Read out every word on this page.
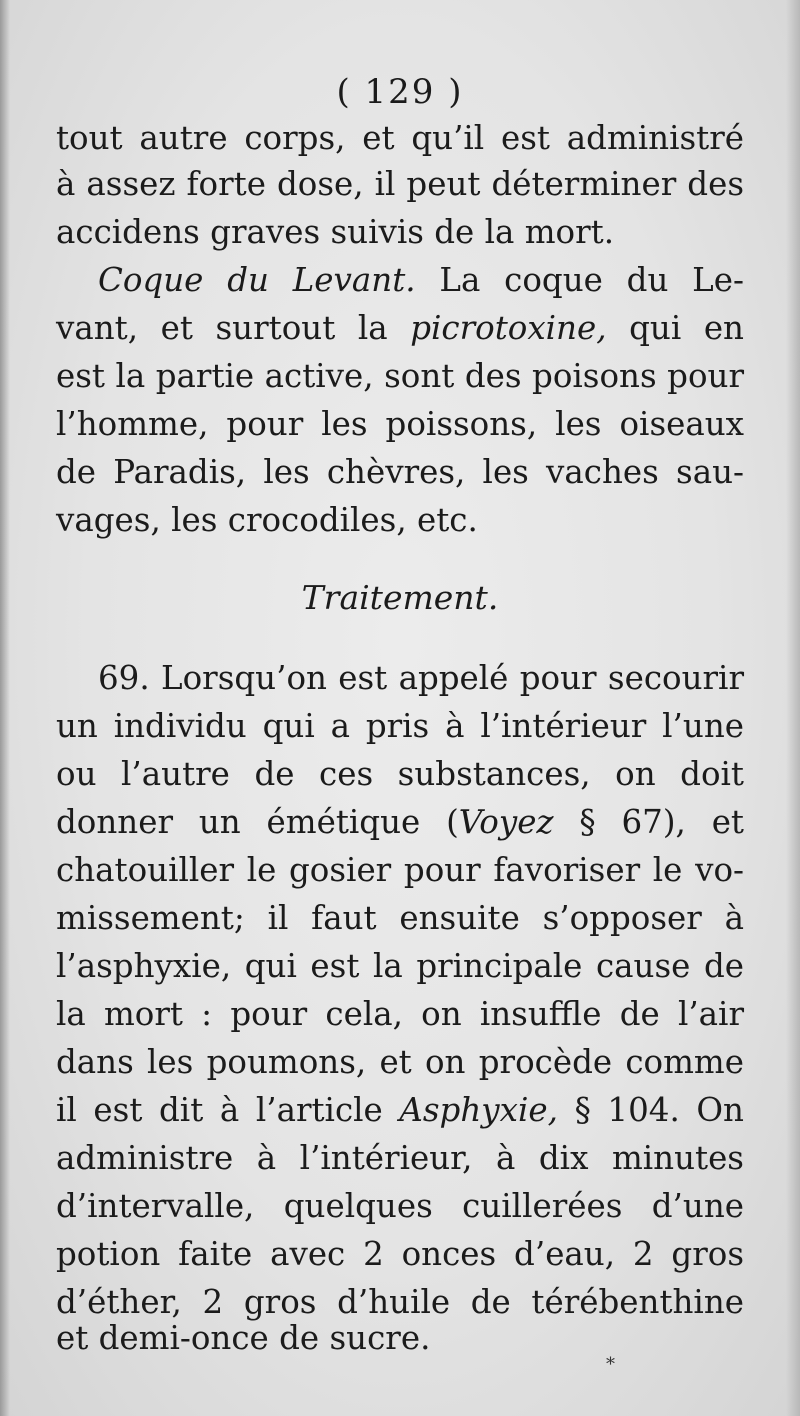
( 129 )
tout autre corps, et qu’il est administré
à assez forte dose, il peut déterminer des
accidens graves suivis de la mort.
Coque du Levant. La coque du Le-
vant, et surtout la picrotoxine, qui en
est la partie active, sont des poisons pour
l’homme, pour les poissons, les oiseaux
de Paradis, les chèvres, les vaches sau-
vages, les crocodiles, etc.
Traitement.
69. Lorsqu’on est appelé pour secourir
un individu qui a pris à l’intérieur l’une
ou l’autre de ces substances, on doit
donner un émétique (Voyez § 67), et
chatouiller le gosier pour favoriser le vo-
missement; il faut ensuite s’opposer à
l’asphyxie, qui est la principale cause de
la mort : pour cela, on insuffle de l’air
dans les poumons, et on procède comme
il est dit à l’article Asphyxie, § 104. On
administre à l’intérieur, à dix minutes
d’intervalle, quelques cuillerées d’une
potion faite avec 2 onces d’eau, 2 gros
d’éther, 2 gros d’huile de térébenthine
et demi-once de sucre.
*
